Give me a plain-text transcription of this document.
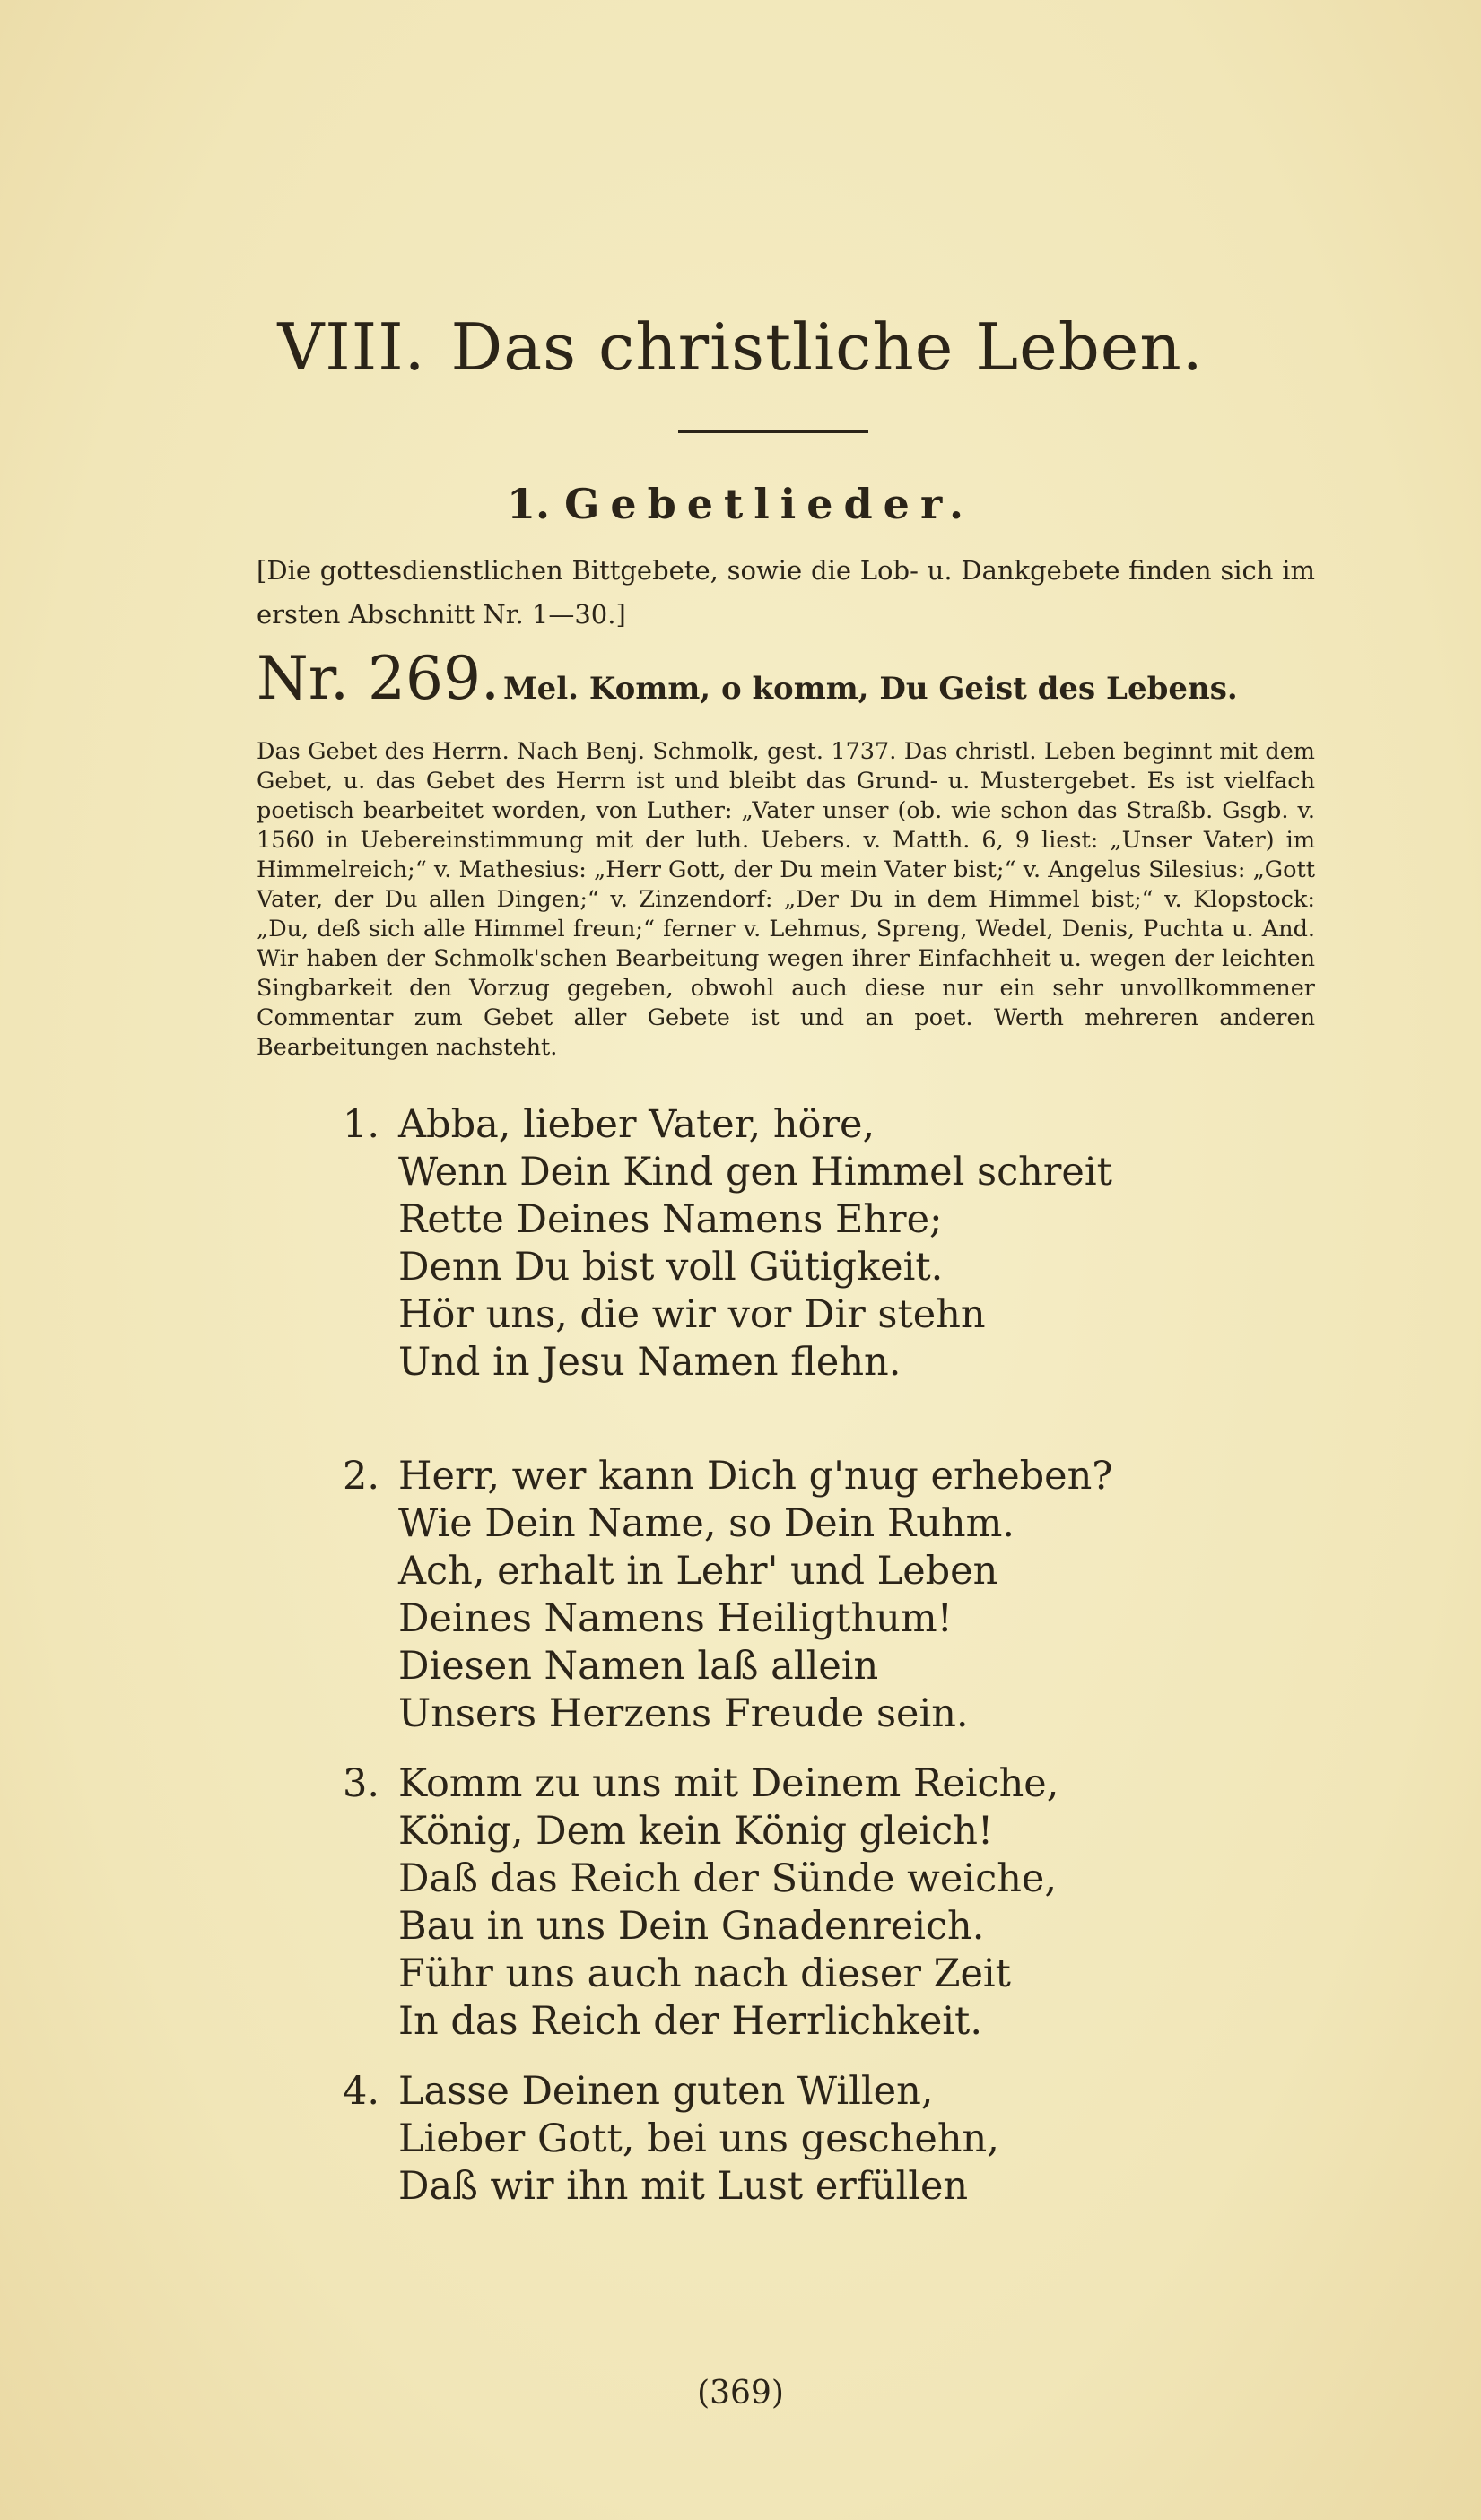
VIII. Das christliche Leben.
1. Gebetlieder.
[Die gottesdienstlichen Bittgebete, sowie die Lob- u. Dankgebete finden sich im ersten Abschnitt Nr. 1—30.]
Nr. 269. Mel. Komm, o komm, Du Geist des Lebens.
Das Gebet des Herrn. Nach Benj. Schmolk, gest. 1737. Das christl. Leben beginnt mit dem Gebet, u. das Gebet des Herrn ist und bleibt das Grund- u. Mustergebet. Es ist vielfach poetisch bearbeitet worden, von Luther: „Vater unser (ob. wie schon das Straßb. Gsgb. v. 1560 in Uebereinstimmung mit der luth. Uebers. v. Matth. 6, 9 liest: „Unser Vater) im Himmelreich;“ v. Mathesius: „Herr Gott, der Du mein Vater bist;“ v. Angelus Silesius: „Gott Vater, der Du allen Dingen;“ v. Zinzendorf: „Der Du in dem Himmel bist;“ v. Klopstock: „Du, deß sich alle Himmel freun;“ ferner v. Lehmus, Spreng, Wedel, Denis, Puchta u. And. Wir haben der Schmolk'schen Bearbeitung wegen ihrer Einfachheit u. wegen der leichten Singbarkeit den Vorzug gegeben, obwohl auch diese nur ein sehr unvollkommener Commentar zum Gebet aller Gebete ist und an poet. Werth mehreren anderen Bearbeitungen nachsteht.
1. Abba, lieber Vater, höre,
Wenn Dein Kind gen Himmel schreit
Rette Deines Namens Ehre;
Denn Du bist voll Gütigkeit.
Hör uns, die wir vor Dir stehn
Und in Jesu Namen flehn.
2. Herr, wer kann Dich g'nug erheben?
Wie Dein Name, so Dein Ruhm.
Ach, erhalt in Lehr' und Leben
Deines Namens Heiligthum!
Diesen Namen laß allein
Unsers Herzens Freude sein.
3. Komm zu uns mit Deinem Reiche,
König, Dem kein König gleich!
Daß das Reich der Sünde weiche,
Bau in uns Dein Gnadenreich.
Führ uns auch nach dieser Zeit
In das Reich der Herrlichkeit.
4. Lasse Deinen guten Willen,
Lieber Gott, bei uns geschehn,
Daß wir ihn mit Lust erfüllen
(369)
